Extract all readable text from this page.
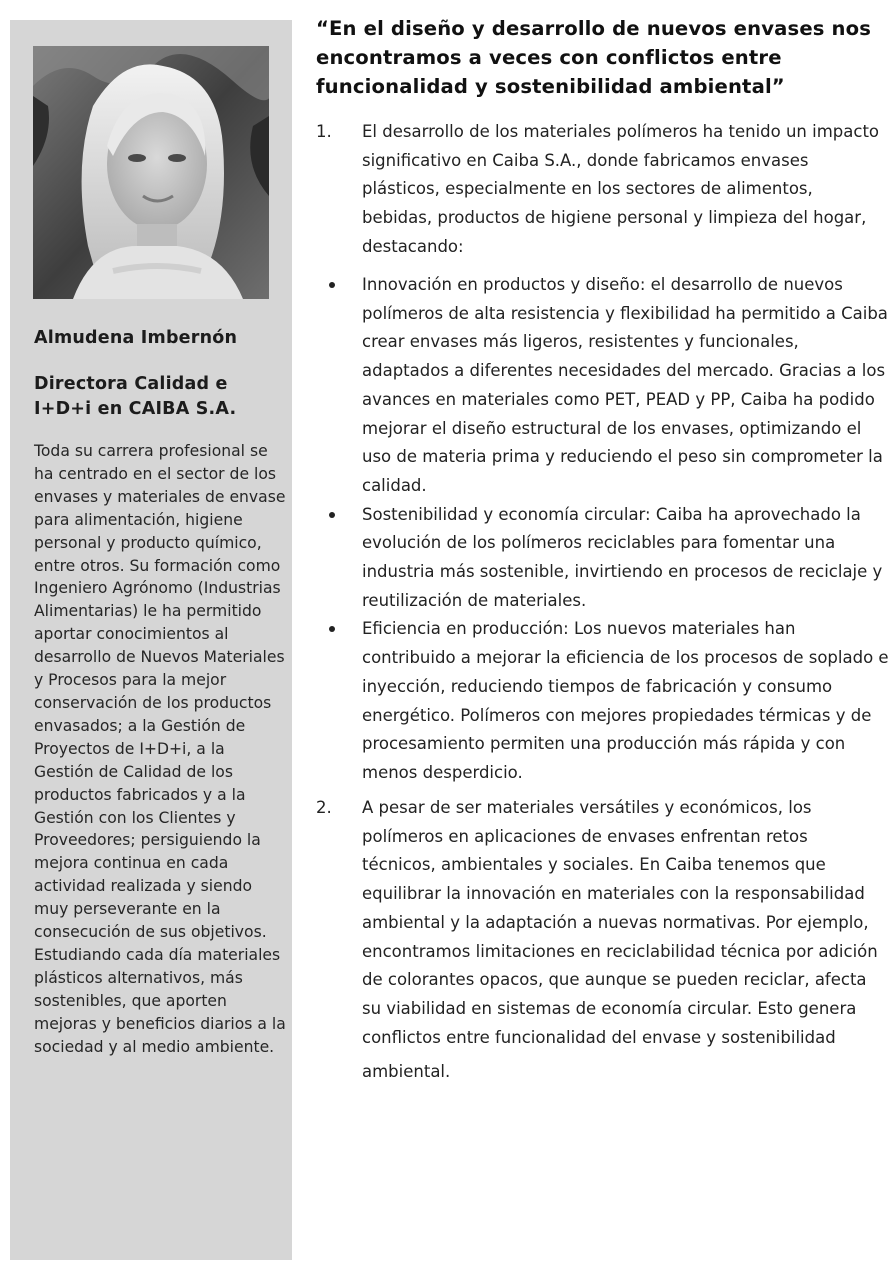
Almudena Imbernón
Directora Calidad e I+D+i en CAIBA S.A.

Toda su carrera profesional se ha centrado en el sector de los envases y materiales de envase para alimentación, higiene personal y producto químico, entre otros. Su formación como Ingeniero Agrónomo (Industrias Alimentarias) le ha permitido aportar conocimientos al desarrollo de Nuevos Materiales y Procesos para la mejor conservación de los productos envasados; a la Gestión de Proyectos de I+D+i, a la Gestión de Calidad de los productos fabricados y a la Gestión con los Clientes y Proveedores; persiguiendo la mejora continua en cada actividad realizada y siendo muy perseverante en la consecución de sus objetivos. Estudiando cada día materiales plásticos alternativos, más sostenibles, que aporten mejoras y beneficios diarios a la sociedad y al medio ambiente.

“En el diseño y desarrollo de nuevos envases nos encontramos a veces con conflictos entre funcionalidad y sostenibilidad ambiental”
1. El desarrollo de los materiales polímeros ha tenido un impacto significativo en Caiba S.A., donde fabricamos envases plásticos, especialmente en los sectores de alimentos, bebidas, productos de higiene personal y limpieza del hogar, destacando:

Innovación en productos y diseño: el desarrollo de nuevos polímeros de alta resistencia y flexibilidad ha permitido a Caiba crear envases más ligeros, resistentes y funcionales, adaptados a diferentes necesidades del mercado. Gracias a los avances en materiales como PET, PEAD y PP, Caiba ha podido mejorar el diseño estructural de los envases, optimizando el uso de materia prima y reduciendo el peso sin comprometer la calidad.
Sostenibilidad y economía circular: Caiba ha aprovechado la evolución de los polímeros reciclables para fomentar una industria más sostenible, invirtiendo en procesos de reciclaje y reutilización de materiales.
Eficiencia en producción: Los nuevos materiales han contribuido a mejorar la eficiencia de los procesos de soplado e inyección, reduciendo tiempos de fabricación y consumo energético. Polímeros con mejores propiedades térmicas y de procesamiento permiten una producción más rápida y con menos desperdicio.
2. A pesar de ser materiales versátiles y económicos, los polímeros en aplicaciones de envases enfrentan retos técnicos, ambientales y sociales. En Caiba tenemos que equilibrar la innovación en materiales con la responsabilidad ambiental y la adaptación a nuevas normativas. Por ejemplo, encontramos limitaciones en reciclabilidad técnica por adición de colorantes opacos, que aunque se pueden reciclar, afecta su viabilidad en sistemas de economía circular. Esto genera conflictos entre funcionalidad del envase y sostenibilidad

ambiental.
